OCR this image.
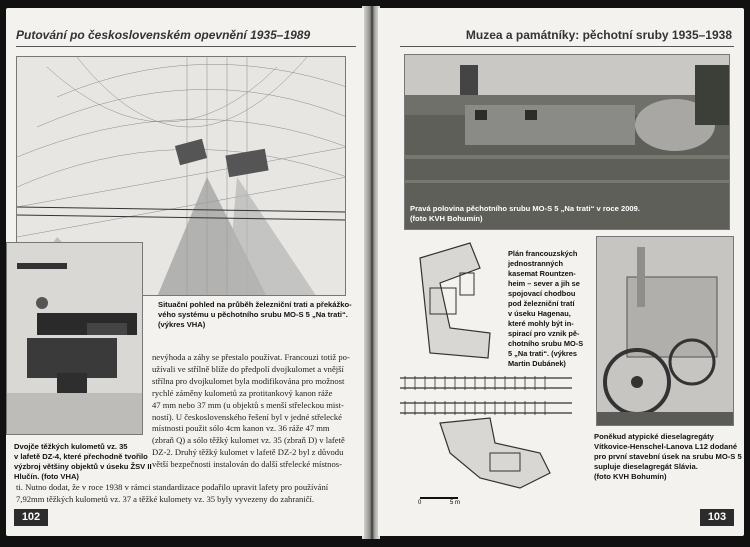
Putování po československém opevnění 1935–1989
Situační pohled na průběh železniční trati a překážko-
vého systému u pěchotního srubu MO-S 5 „Na trati“.
(výkres VHA)
Dvojče těžkých kulometů vz. 35
v lafetě DZ-4, které přechodně tvořilo
výzbroj většiny objektů v úseku ŽSV II
Hlučín. (foto VHA)
nevýhoda a záhy se přestalo používat. Francouzi totiž po-
užívali ve střílně blíže do předpolí dvojkulomet a vnější
střílna pro dvojkulomet byla modifikována pro možnost
rychlé záměny kulometů za protitankový kanon ráže
47 mm nebo 37 mm (u objektů s menší střeleckou mist-
ností). U československého řešení byl v jedné střelecké
místnosti použit sólo 4cm kanon vz. 36 ráže 47 mm
(zbraň Q) a sólo těžký kulomet vz. 35 (zbraň D) v lafetě
DZ-2. Druhý těžký kulomet v lafetě DZ-2 byl z důvodu
větší bezpečnosti instalován do další střelecké místnos-
ti. Nutno dodat, že v roce 1938 v rámci standardizace podařilo upravit lafety pro používání
7,92mm těžkých kulometů vz. 37 a těžké kulomety vz. 35 byly vyvezeny do zahraničí.
102
Muzea a památníky: pěchotní sruby 1935–1938
Pravá polovina pěchotního srubu MO-S 5 „Na trati“ v roce 2009.
(foto KVH Bohumín)
0	5 m
Plán francouzských
jednostranných
kasemat Rountzen-
heim – sever a jih se
spojovací chodbou
pod železniční tratí
v úseku Hagenau,
které mohly být in-
spirací pro vznik pě-
chotního srubu MO-S
5 „Na trati“. (výkres
Martin Dubánek)
Poněkud atypické dieselagregáty
Vítkovice-Henschel-Lanova L12 dodané
pro první stavební úsek na srubu MO-S 5
supluje dieselagregát Slávia.
(foto KVH Bohumín)
103
